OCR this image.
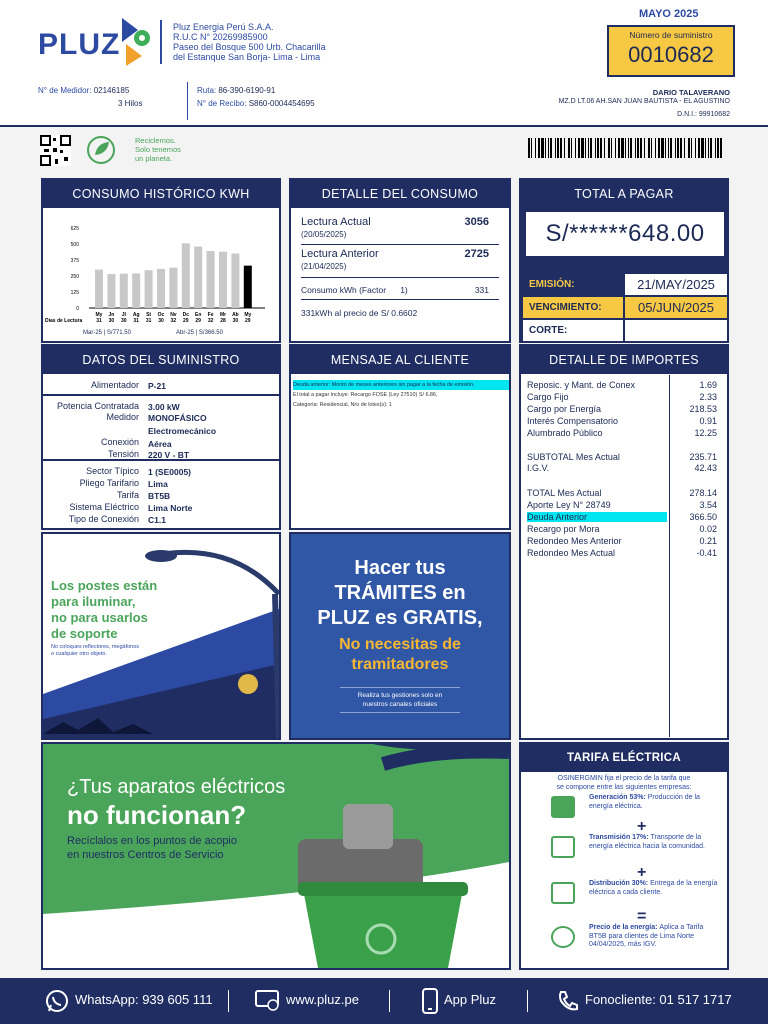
PLUZ
Pluz Energia Perú S.A.A.
R.U.C N° 20269985900
Paseo del Bosque 500 Urb. Chacarilla
del Estanque San Borja- Lima - Lima
MAYO 2025
Número de suministro
0010682
N° de Medidor: 02146185
3 Hilos
Ruta: 86-390-6190-91
N° de Recibo: S860-0004454695
DARIO TALAVERANO
MZ.D LT.06 AH.SAN JUAN BAUTISTA - EL AGUSTINO
D.N.I.: 99910682
Reciclemos.
Solo tenemos
un planeta.
CONSUMO HISTÓRICO KWH
0
125
250
375
500
625
My
31
Jn
30
Jl
30
Ag
31
St
31
Oc
30
Nv
32
Dc
29
En
29
Fe
32
Mr
28
Ab
30
My
29
Días de Lectura
Mar-25 | S/771.50	Abr-25 | S/366.50
DETALLE DEL CONSUMO
Lectura Actual
(20/05/2025)
3056
Lectura Anterior
(21/04/2025)
2725
Consumo kWh (Factor      1)	331
331kWh al precio de S/ 0.6602
TOTAL A PAGAR
S/******648.00
EMISIÓN:	21/MAY/2025
VENCIMIENTO:	05/JUN/2025
CORTE:
DATOS DEL SUMINISTRO
Alimentador P-21
Potencia Contratada 3.00 kW
Medidor MONOFÁSICO
Electromecánico
Conexión Aérea
Tensión 220 V - BT
Sector Típico 1 (SE0005)
Pliego Tarifario Lima
Tarifa BT5B
Sistema Eléctrico Lima Norte
Tipo de Conexión C1.1
MENSAJE AL CLIENTE
Deuda anterior: Monto de meses anteriores sin pagar a la fecha de emisión.
El total a pagar incluye: Recargo FOSE (Ley 27510) S/ 6.86,
Categoría: Residencial, Nro de lotes(s): 1
DETALLE DE IMPORTES
Reposic. y Mant. de Conex	1.69
Cargo Fijo	2.33
Cargo por Energía	218.53
Interés Compensatorio	0.91
Alumbrado Público	12.25
SUBTOTAL Mes Actual	235.71
I.G.V.	42.43
TOTAL Mes Actual	278.14
Aporte Ley N° 28749	3.54
Deuda Anterior	366.50
Recargo por Mora	0.02
Redondeo Mes Anterior	0.21
Redondeo Mes Actual	-0.41
Los postes están
para iluminar,
no para usarlos
de soporte
No coloques reflectores, megáfonos
o cualquier otro objeto.
Hacer tus
TRÁMITES en
PLUZ es GRATIS,
No necesitas de
tramitadores
Realiza tus gestiones solo en
nuestros canales oficiales
¿Tus aparatos eléctricos
no funcionan?
Recíclalos en los puntos de acopio
en nuestros Centros de Servicio
TARIFA ELÉCTRICA
OSINERGMIN fija el precio de la tarifa que
se compone entre las siguientes empresas:
Generación 53%: Producción de la energía eléctrica.
Transmisión 17%: Transporte de la energía eléctrica hacia la comunidad.
Distribución 30%: Entrega de la energía eléctrica a cada cliente.
Precio de la energía: Aplica a Tarifa BT5B para clientes de Lima Norte 04/04/2025, más IGV.
+
+
=
WhatsApp: 939 605 111	www.pluz.pe	App Pluz	Fonocliente: 01 517 1717
